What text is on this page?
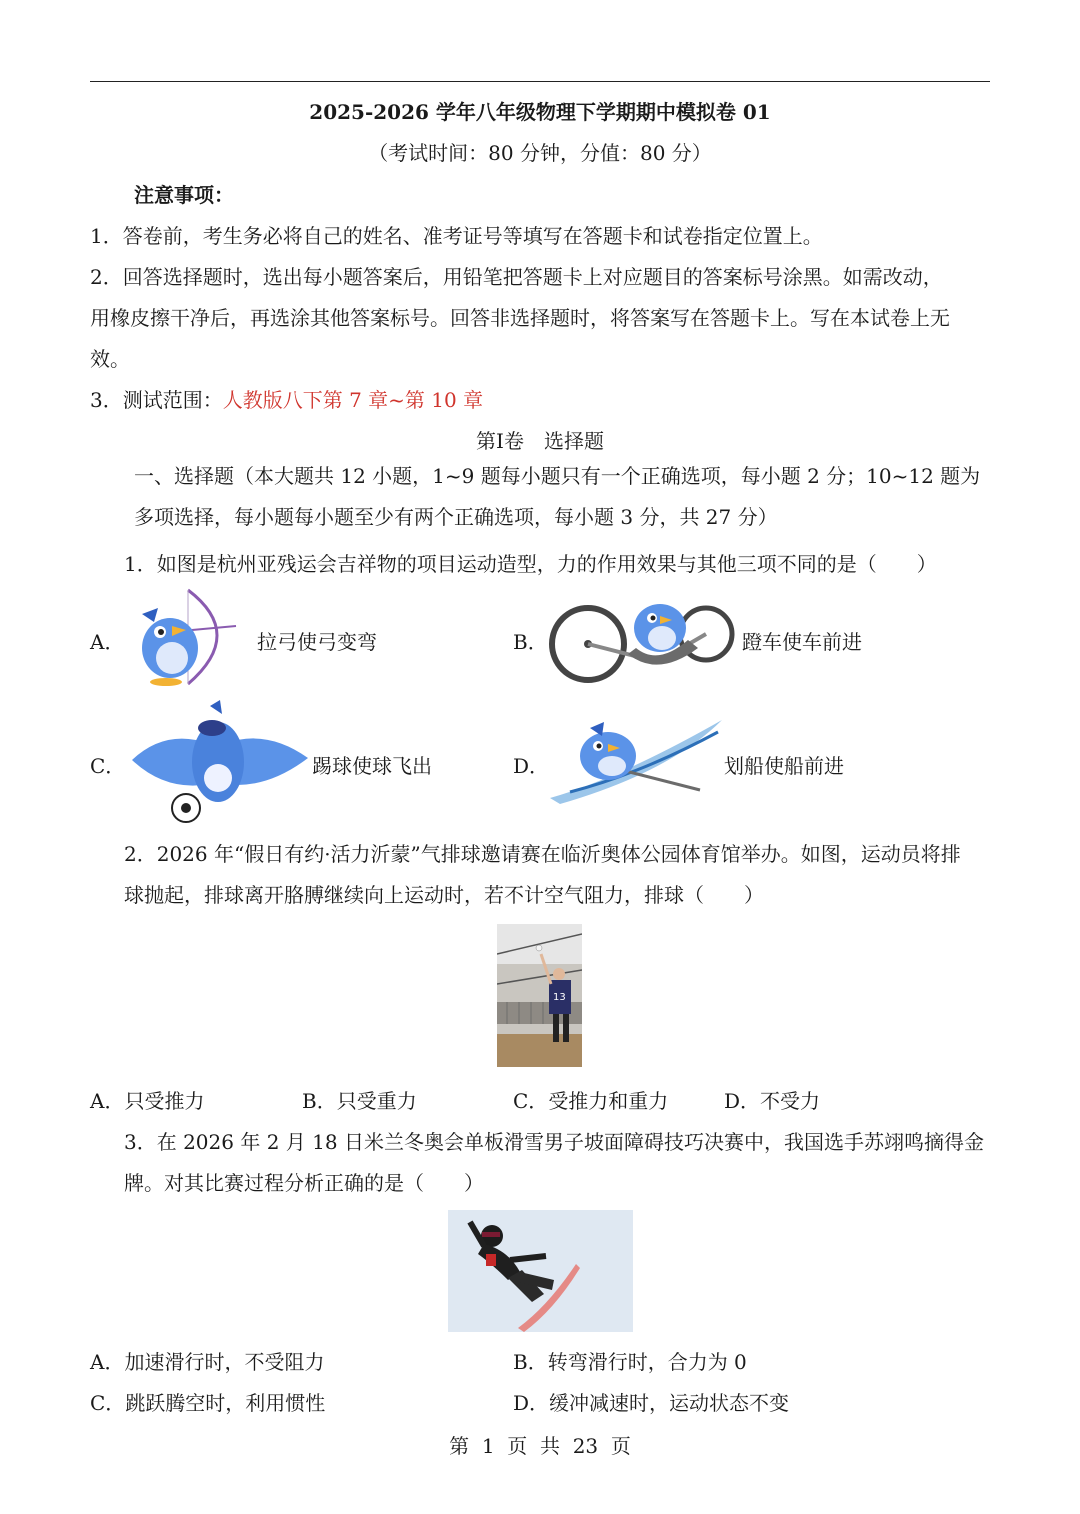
2025-2026 学年八年级物理下学期期中模拟卷 01
（考试时间：80 分钟，分值：80 分）
注意事项：
1．答卷前，考生务必将自己的姓名、准考证号等填写在答题卡和试卷指定位置上。
2．回答选择题时，选出每小题答案后，用铅笔把答题卡上对应题目的答案标号涂黑。如需改动，
用橡皮擦干净后，再选涂其他答案标号。回答非选择题时，将答案写在答题卡上。写在本试卷上无
效。
3．测试范围：人教版八下第 7 章~第 10 章
第Ⅰ卷　选择题
一、选择题（本大题共 12 小题，1~9 题每小题只有一个正确选项，每小题 2 分；10~12 题为
多项选择，每小题每小题至少有两个正确选项，每小题 3 分，共 27 分）
1．如图是杭州亚残运会吉祥物的项目运动造型，力的作用效果与其他三项不同的是（　　）
A．	拉弓使弓变弯	B．	蹬车使车前进
C．	踢球使球飞出	D．	划船使船前进
2．2026 年“假日有约·活力沂蒙”气排球邀请赛在临沂奥体公园体育馆举办。如图，运动员将排
球抛起，排球离开胳膊继续向上运动时，若不计空气阻力，排球（　　）
13
A．只受推力	B．只受重力	C．受推力和重力	D．不受力
3．在 2026 年 2 月 18 日米兰冬奥会单板滑雪男子坡面障碍技巧决赛中，我国选手苏翊鸣摘得金
牌。对其比赛过程分析正确的是（　　）
A．加速滑行时，不受阻力	B．转弯滑行时，合力为 0
C．跳跃腾空时，利用惯性	D．缓冲减速时，运动状态不变
第  1  页  共  23  页
